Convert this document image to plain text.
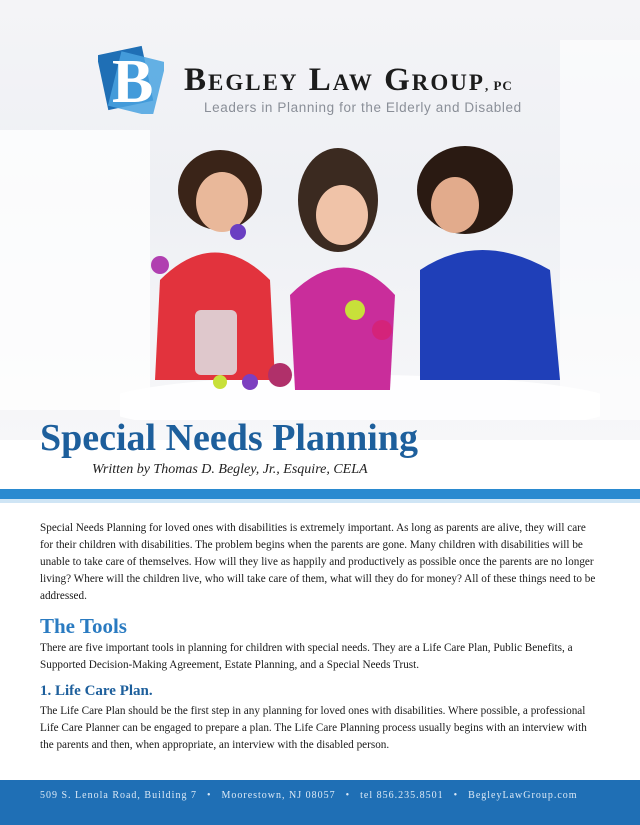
B Begley Law Group, PC
Leaders in Planning for the Elderly and Disabled
Special Needs Planning
Written by Thomas D. Begley, Jr., Esquire, CELA

Special Needs Planning for loved ones with disabilities is extremely important. As long as parents are alive, they will care for their children with disabilities. The problem begins when the parents are gone. Many children with disabilities will be unable to take care of themselves. How will they live as happily and productively as possible once the parents are no longer living? Where will the children live, who will take care of them, what will they do for money? All of these things need to be addressed.

The Tools

There are five important tools in planning for children with special needs. They are a Life Care Plan, Public Benefits, a Supported Decision-Making Agreement, Estate Planning, and a Special Needs Trust.

1. Life Care Plan.

The Life Care Plan should be the first step in any planning for loved ones with disabilities. Where possible, a professional Life Care Planner can be engaged to prepare a plan. The Life Care Planning process usually begins with an interview with the parents and then, when appropriate, an interview with the disabled person.

509 S. Lenola Road, Building 7 • Moorestown, NJ 08057 • tel 856.235.8501 • BegleyLawGroup.com
